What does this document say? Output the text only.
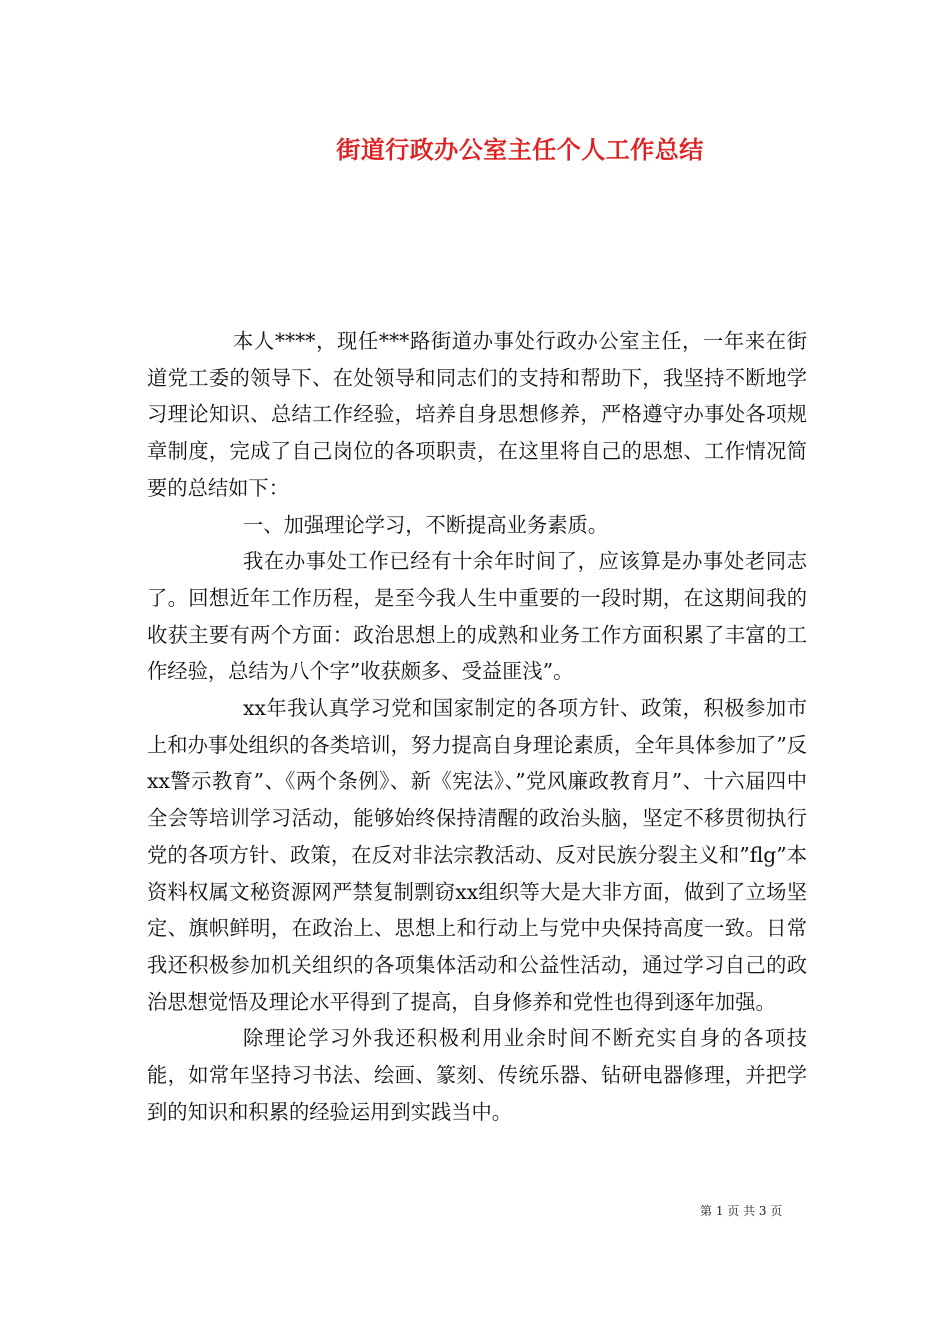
街道行政办公室主任个人工作总结

本人****，现任***路街道办事处行政办公室主任，一年来在街道党工委的领导下、在处领导和同志们的支持和帮助下，我坚持不断地学习理论知识、总结工作经验，培养自身思想修养，严格遵守办事处各项规章制度，完成了自己岗位的各项职责，在这里将自己的思想、工作情况简要的总结如下：

一、加强理论学习，不断提高业务素质。

我在办事处工作已经有十余年时间了，应该算是办事处老同志了。回想近年工作历程，是至今我人生中重要的一段时期，在这期间我的收获主要有两个方面：政治思想上的成熟和业务工作方面积累了丰富的工作经验，总结为八个字”收获颇多、受益匪浅”。

xx年我认真学习党和国家制定的各项方针、政策，积极参加市上和办事处组织的各类培训，努力提高自身理论素质，全年具体参加了”反xx警示教育”、《两个条例》、新《宪法》、”党风廉政教育月”、十六届四中全会等培训学习活动，能够始终保持清醒的政治头脑，坚定不移贯彻执行党的各项方针、政策，在反对非法宗教活动、反对民族分裂主义和”flg”本资料权属文秘资源网严禁复制剽窃xx组织等大是大非方面，做到了立场坚定、旗帜鲜明，在政治上、思想上和行动上与党中央保持高度一致。日常我还积极参加机关组织的各项集体活动和公益性活动，通过学习自己的政治思想觉悟及理论水平得到了提高，自身修养和党性也得到逐年加强。

除理论学习外我还积极利用业余时间不断充实自身的各项技能，如常年坚持习书法、绘画、篆刻、传统乐器、钻研电器修理，并把学到的知识和积累的经验运用到实践当中。

第 1 页 共 3 页
